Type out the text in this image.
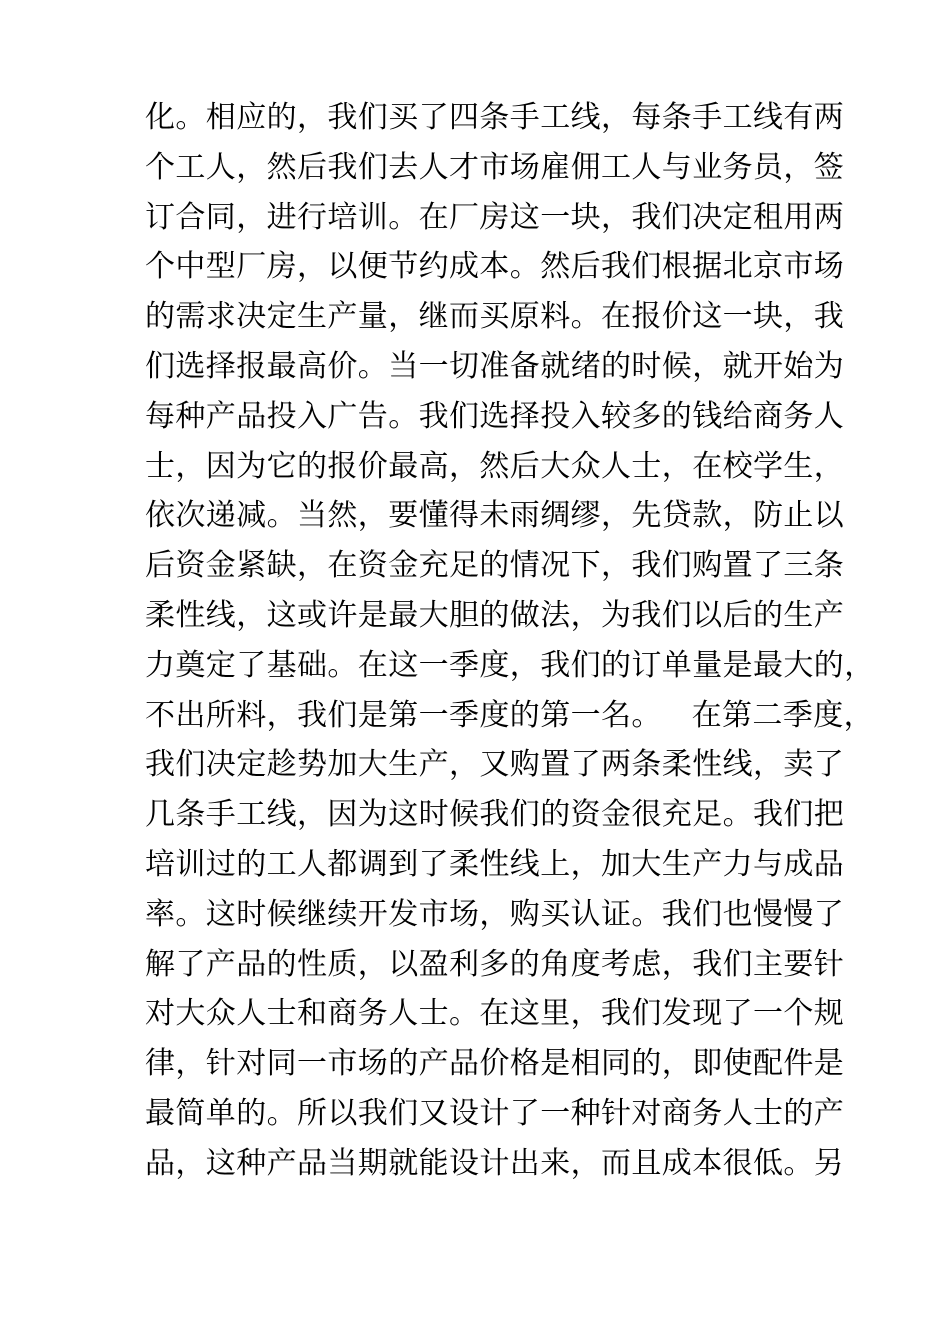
化。相应的，我们买了四条手工线，每条手工线有两
个工人，然后我们去人才市场雇佣工人与业务员，签
订合同，进行培训。在厂房这一块，我们决定租用两
个中型厂房，以便节约成本。然后我们根据北京市场
的需求决定生产量，继而买原料。在报价这一块，我
们选择报最高价。当一切准备就绪的时候，就开始为
每种产品投入广告。我们选择投入较多的钱给商务人
士，因为它的报价最高，然后大众人士，在校学生，
依次递减。当然，要懂得未雨绸缪，先贷款，防止以
后资金紧缺，在资金充足的情况下，我们购置了三条
柔性线，这或许是最大胆的做法，为我们以后的生产
力奠定了基础。在这一季度，我们的订单量是最大的，
不出所料，我们是第一季度的第一名。   在第二季度，
我们决定趁势加大生产，又购置了两条柔性线，卖了
几条手工线，因为这时候我们的资金很充足。我们把
培训过的工人都调到了柔性线上，加大生产力与成品
率。这时候继续开发市场，购买认证。我们也慢慢了
解了产品的性质，以盈利多的角度考虑，我们主要针
对大众人士和商务人士。在这里，我们发现了一个规
律，针对同一市场的产品价格是相同的，即使配件是
最简单的。所以我们又设计了一种针对商务人士的产
品，这种产品当期就能设计出来，而且成本很低。另
